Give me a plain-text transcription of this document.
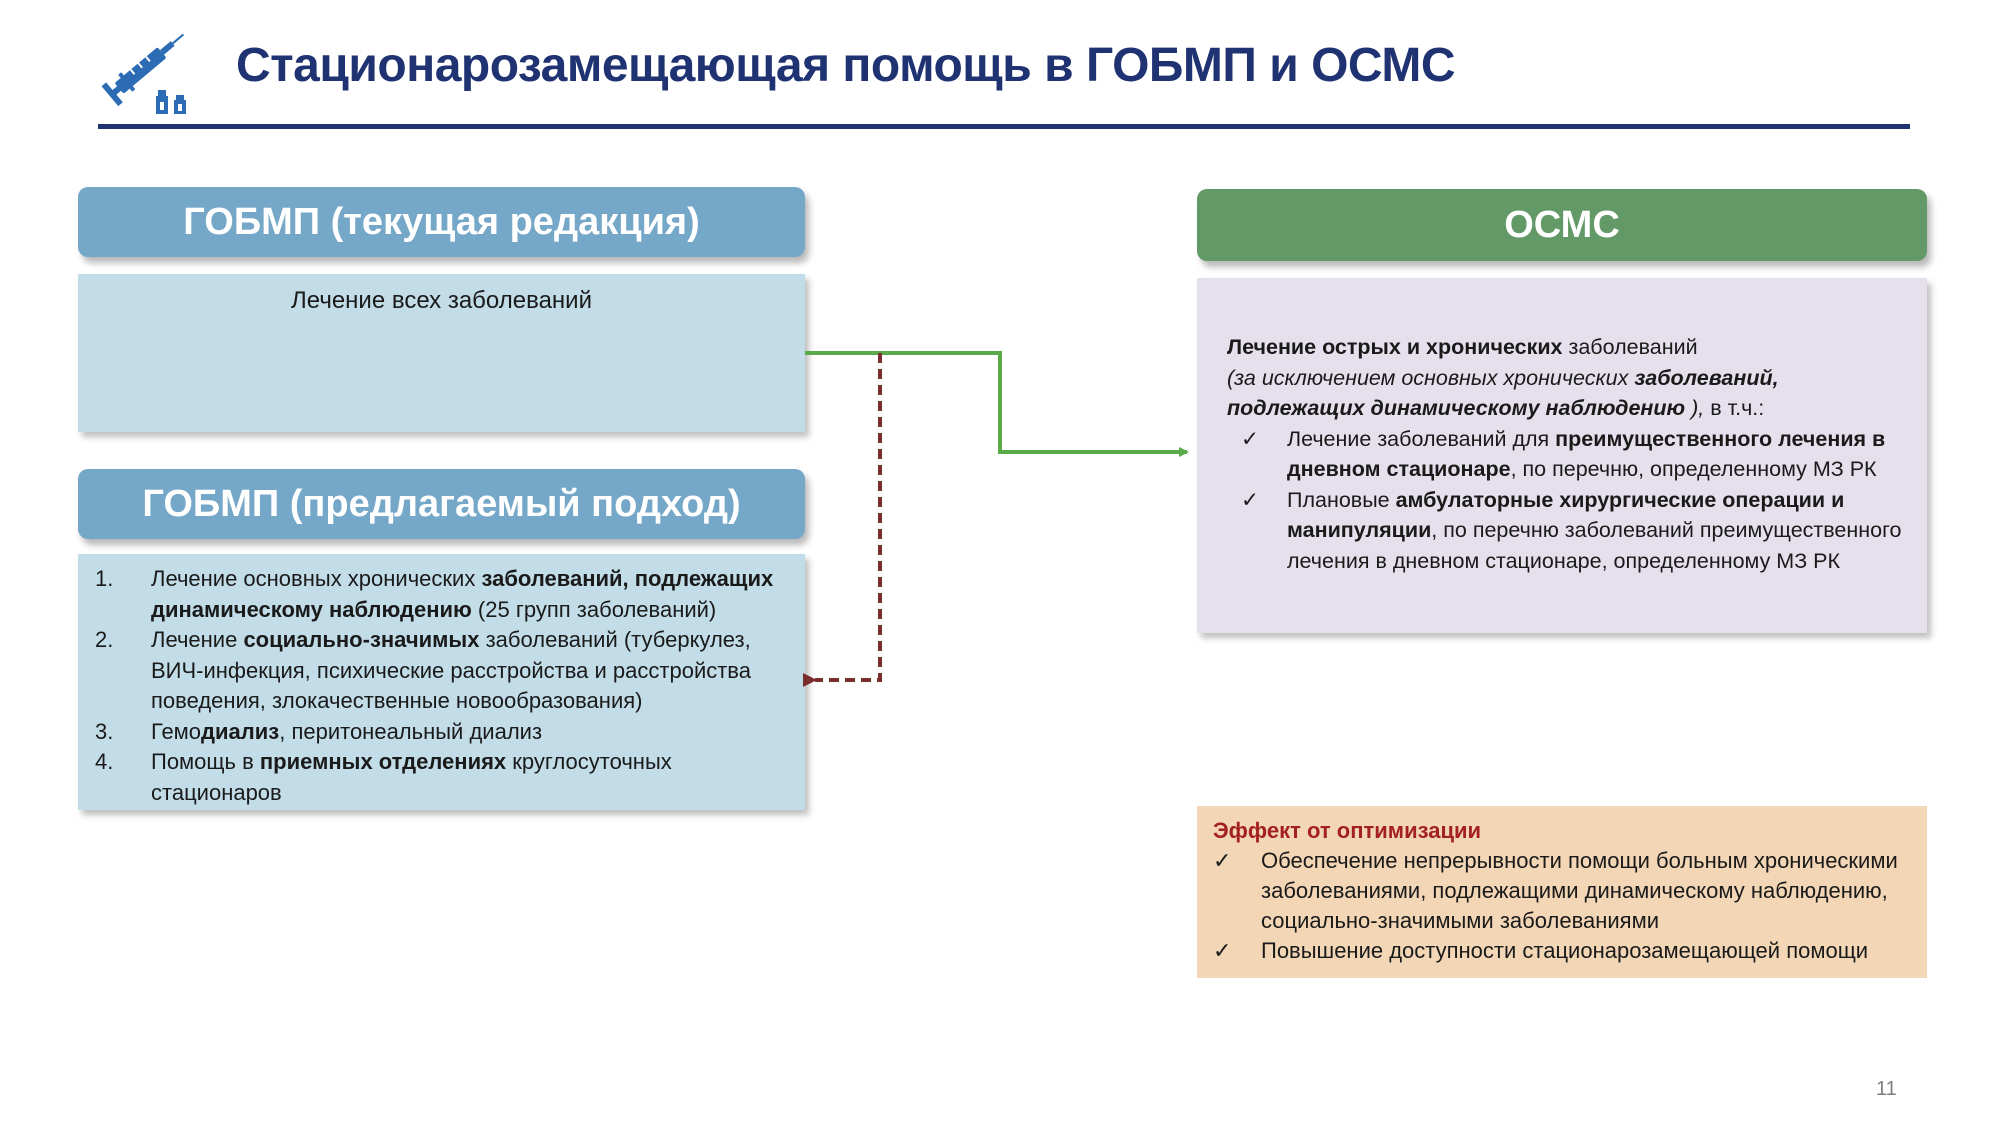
Стационарозамещающая помощь в ГОБМП и ОСМС
ГОБМП (текущая редакция)
Лечение всех заболеваний
ГОБМП (предлагаемый подход)
1. Лечение основных хронических заболеваний, подлежащих динамическому наблюдению (25 групп заболеваний)
2. Лечение социально-значимых заболеваний (туберкулез, ВИЧ-инфекция, психические расстройства и расстройства поведения, злокачественные новообразования)
3. Гемодиализ, перитонеальный диализ
4. Помощь в приемных отделениях круглосуточных стационаров
ОСМС

Лечение острых и хронических заболеваний

(за исключением основных хронических заболеваний, подлежащих динамическому наблюдению ), в т.ч.:

✓ Лечение заболеваний для преимущественного лечения в дневном стационаре, по перечню, определенному МЗ РК
✓ Плановые амбулаторные хирургические операции и манипуляции, по перечню заболеваний преимущественного лечения в дневном стационаре, определенному МЗ РК
Эффект от оптимизации
✓ Обеспечение непрерывности помощи больным хроническими заболеваниями, подлежащими динамическому наблюдению, социально-значимыми заболеваниями
✓ Повышение доступности стационарозамещающей помощи
11
